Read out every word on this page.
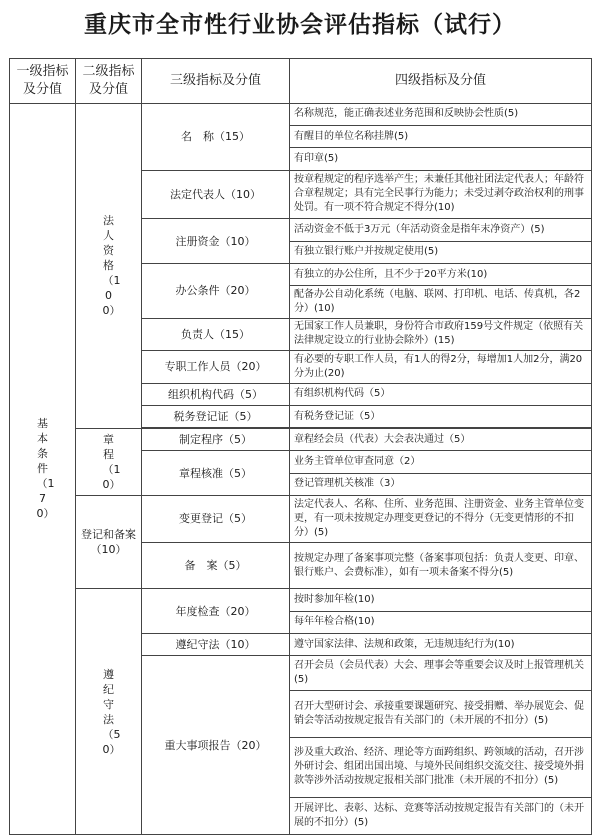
重庆市全市性行业协会评估指标（试行）
一级指标及分值	二级指标及分值	三级指标及分值	四级指标及分值
基本条件（170）	法人资格（100）	名　称（15）	名称规范，能正确表述业务范围和反映协会性质(5)
			有醒目的单位名称挂牌(5)
			有印章(5)
		法定代表人（10）	按章程规定的程序选举产生；未兼任其他社团法定代表人；年龄符合章程规定；具有完全民事行为能力；未受过剥夺政治权利的刑事处罚。有一项不符合规定不得分(10)
		注册资金（10）	活动资金不低于3万元（年活动资金是指年末净资产）(5)
			有独立银行账户并按规定使用(5)
		办公条件（20）	有独立的办公住所，且不少于20平方米(10)
			配备办公自动化系统（电脑、联网、打印机、电话、传真机，各2分）(10)
		负责人（15）	无国家工作人员兼职，身份符合市政府159号文件规定（依照有关法律规定设立的行业协会除外）(15)
		专职工作人员（20）	有必要的专职工作人员，有1人的得2分，每增加1人加2分，满20分为止(20)
		组织机构代码（5）	有组织机构代码（5）
		税务登记证（5）	有税务登记证（5）

	章程（10）	制定程序（5）	章程经会员（代表）大会表决通过（5）
		章程核准（5）	业务主管单位审查同意（2）
			登记管理机关核准（3）
	登记和备案（10）	变更登记（5）	法定代表人、名称、住所、业务范围、注册资金、业务主管单位变更，有一项未按规定办理变更登记的不得分（无变更情形的不扣分）(5)
		备　案（5）	按规定办理了备案事项完整（备案事项包括：负责人变更、印章、银行账户、会费标准），如有一项未备案不得分(5)
	遵纪守法（50）	年度检查（20）	按时参加年检(10)
			每年年检合格(10)
		遵纪守法（10）	遵守国家法律、法规和政策，无违规违纪行为(10)
		重大事项报告（20）	召开会员（会员代表）大会、理事会等重要会议及时上报管理机关(5)
			召开大型研讨会、承接重要课题研究、接受捐赠、举办展览会、促销会等活动按规定报告有关部门的（未开展的不扣分）(5)
			涉及重大政治、经济、理论等方面跨组织、跨领域的活动，召开涉外研讨会、组团出国出境、与境外民间组织交流交往、接受境外捐款等涉外活动按规定报相关部门批准（未开展的不扣分）(5)
			开展评比、表彰、达标、竞赛等活动按规定报告有关部门的（未开展的不扣分）(5)
